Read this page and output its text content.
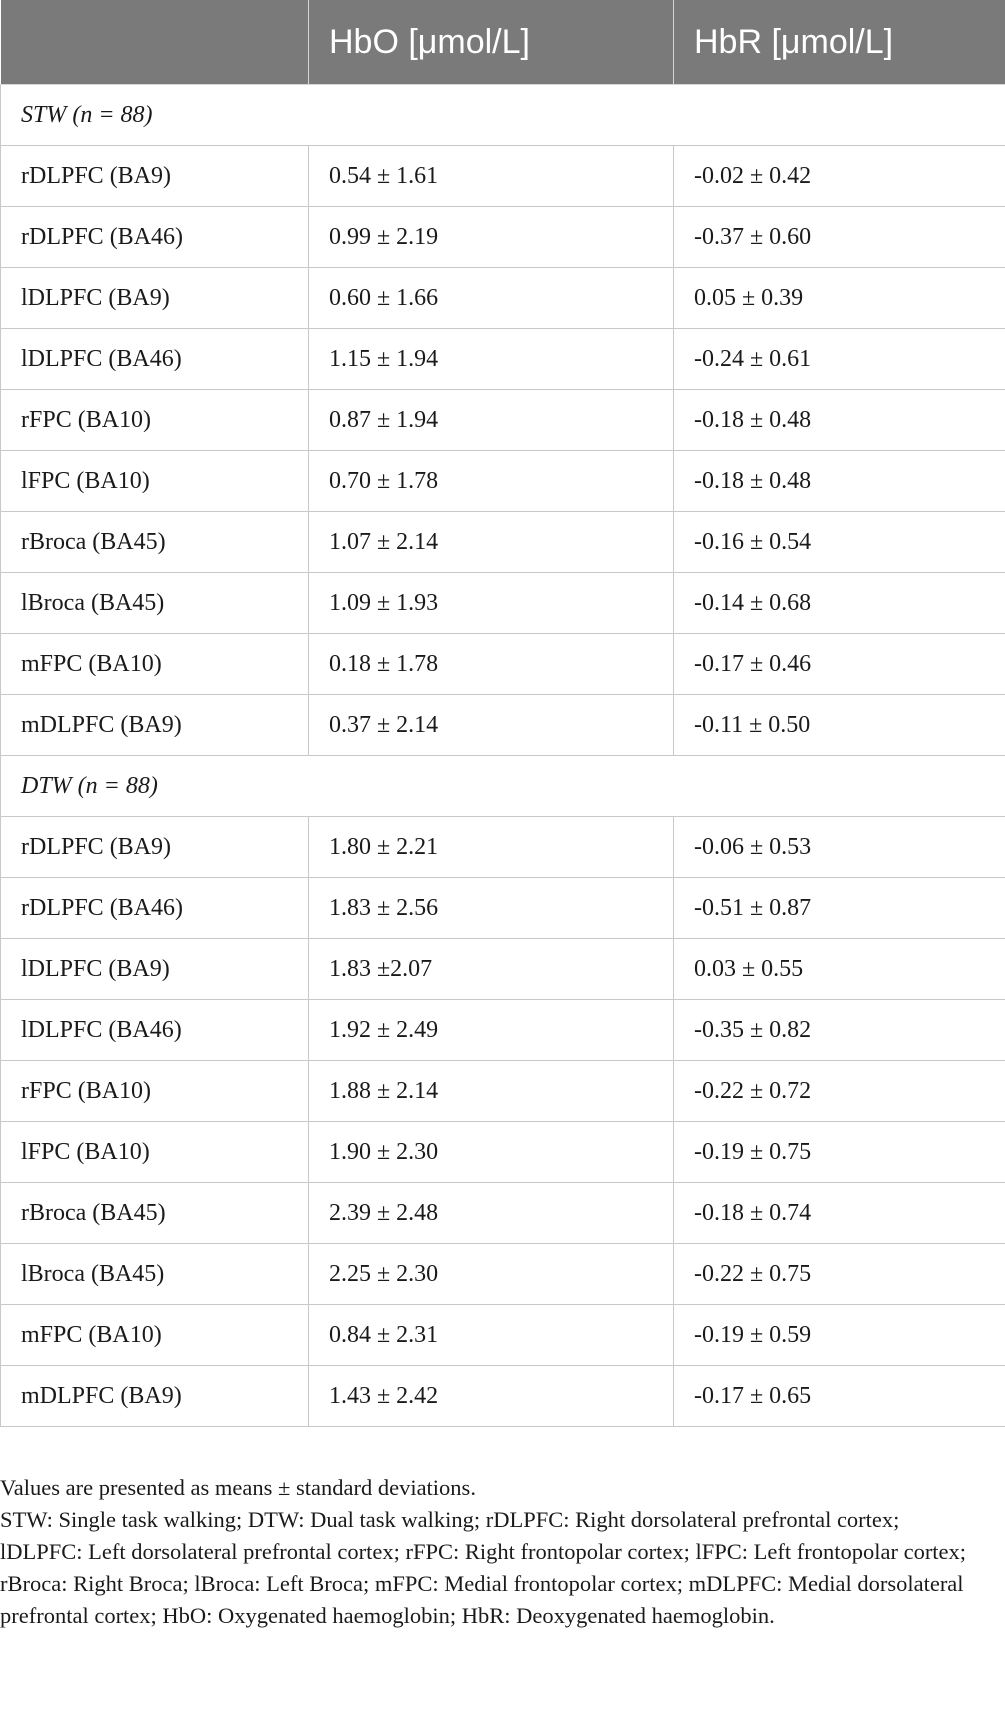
	HbO [μmol/L]	HbR [μmol/L]
STW (n = 88)		
rDLPFC (BA9)	0.54 ± 1.61	-0.02 ± 0.42
rDLPFC (BA46)	0.99 ± 2.19	-0.37 ± 0.60
lDLPFC (BA9)	0.60 ± 1.66	0.05 ± 0.39
lDLPFC (BA46)	1.15 ± 1.94	-0.24 ± 0.61
rFPC (BA10)	0.87 ± 1.94	-0.18 ± 0.48
lFPC (BA10)	0.70 ± 1.78	-0.18 ± 0.48
rBroca (BA45)	1.07 ± 2.14	-0.16 ± 0.54
lBroca (BA45)	1.09 ± 1.93	-0.14 ± 0.68
mFPC (BA10)	0.18 ± 1.78	-0.17 ± 0.46
mDLPFC (BA9)	0.37 ± 2.14	-0.11 ± 0.50
DTW (n = 88)		
rDLPFC (BA9)	1.80 ± 2.21	-0.06 ± 0.53
rDLPFC (BA46)	1.83 ± 2.56	-0.51 ± 0.87
lDLPFC (BA9)	1.83 ±2.07	0.03 ± 0.55
lDLPFC (BA46)	1.92 ± 2.49	-0.35 ± 0.82
rFPC (BA10)	1.88 ± 2.14	-0.22 ± 0.72
lFPC (BA10)	1.90 ± 2.30	-0.19 ± 0.75
rBroca (BA45)	2.39 ± 2.48	-0.18 ± 0.74
lBroca (BA45)	2.25 ± 2.30	-0.22 ± 0.75
mFPC (BA10)	0.84 ± 2.31	-0.19 ± 0.59
mDLPFC (BA9)	1.43 ± 2.42	-0.17 ± 0.65

Values are presented as means ± standard deviations.

STW: Single task walking; DTW: Dual task walking; rDLPFC: Right dorsolateral prefrontal cortex; lDLPFC: Left dorsolateral prefrontal cortex; rFPC: Right frontopolar cortex; lFPC: Left frontopolar cortex; rBroca: Right Broca; lBroca: Left Broca; mFPC: Medial frontopolar cortex; mDLPFC: Medial dorsolateral prefrontal cortex; HbO: Oxygenated haemoglobin; HbR: Deoxygenated haemoglobin.
